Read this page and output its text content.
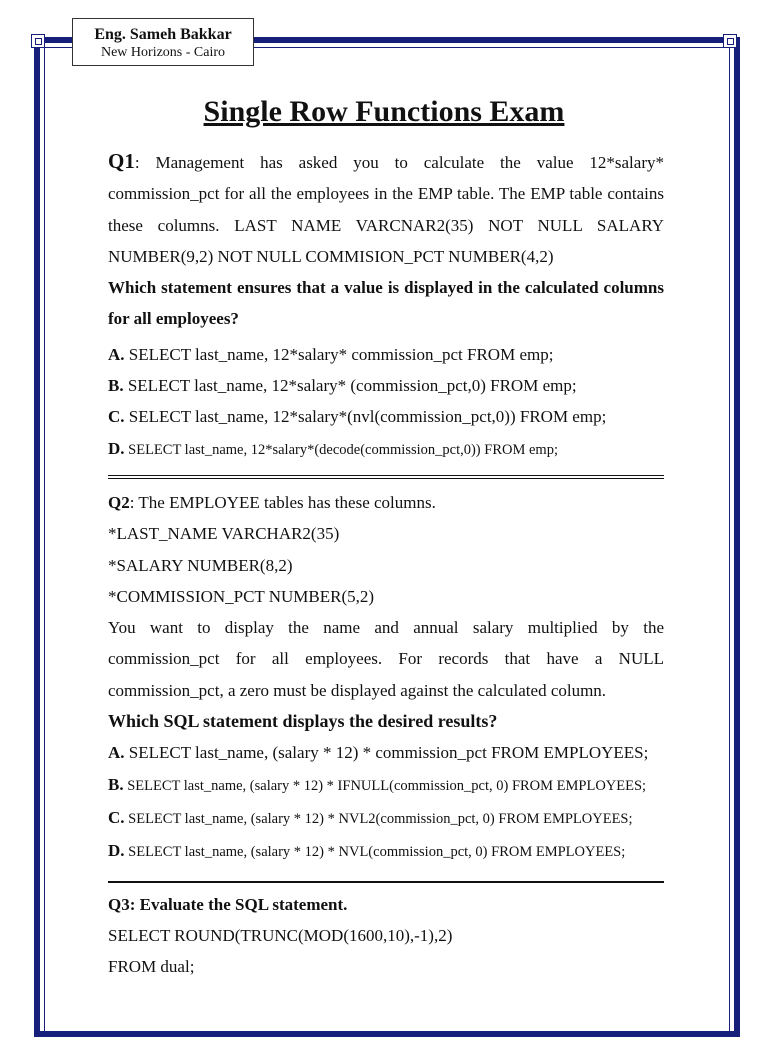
Eng. Sameh Bakkar
New Horizons - Cairo
Single Row Functions Exam

Q1: Management has asked you to calculate the value 12*salary* commission_pct for all the employees in the EMP table. The EMP table contains these columns. LAST NAME VARCNAR2(35) NOT NULL SALARY NUMBER(9,2) NOT NULL COMMISION_PCT NUMBER(4,2)

Which statement ensures that a value is displayed in the calculated columns for all employees?

A. SELECT last_name, 12*salary* commission_pct FROM emp;

B. SELECT last_name, 12*salary* (commission_pct,0) FROM emp;

C. SELECT last_name, 12*salary*(nvl(commission_pct,0)) FROM emp;

D. SELECT last_name, 12*salary*(decode(commission_pct,0)) FROM emp;

Q2: The EMPLOYEE tables has these columns.

*LAST_NAME VARCHAR2(35)

*SALARY NUMBER(8,2)

*COMMISSION_PCT NUMBER(5,2)

You want to display the name and annual salary multiplied by the commission_pct for all employees. For records that have a NULL commission_pct, a zero must be displayed against the calculated column.

Which SQL statement displays the desired results?

A. SELECT last_name, (salary * 12) * commission_pct FROM EMPLOYEES;

B. SELECT last_name, (salary * 12) * IFNULL(commission_pct, 0) FROM EMPLOYEES;

C. SELECT last_name, (salary * 12) * NVL2(commission_pct, 0) FROM EMPLOYEES;

D. SELECT last_name, (salary * 12) * NVL(commission_pct, 0) FROM EMPLOYEES;

Q3: Evaluate the SQL statement.

SELECT ROUND(TRUNC(MOD(1600,10),-1),2)

FROM dual;
